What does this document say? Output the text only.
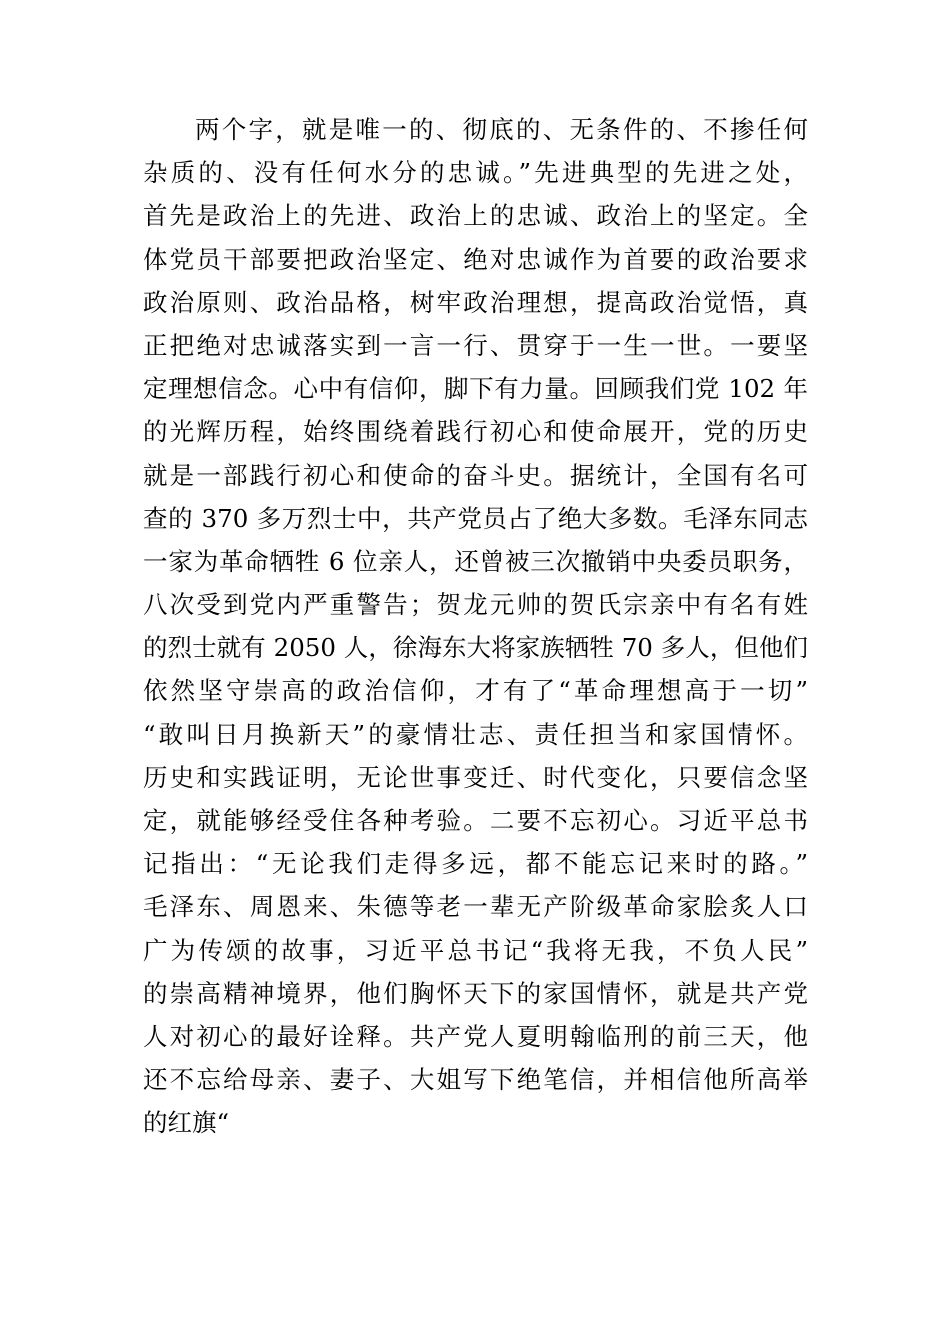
两个字，就是唯一的、彻底的、无条件的、不掺任何
杂质的、没有任何水分的忠诚。”先进典型的先进之处，
首先是政治上的先进、政治上的忠诚、政治上的坚定。全
体党员干部要把政治坚定、绝对忠诚作为首要的政治要求
政治原则、政治品格，树牢政治理想，提高政治觉悟，真
正把绝对忠诚落实到一言一行、贯穿于一生一世。一要坚
定理想信念。心中有信仰，脚下有力量。回顾我们党 102 年
的光辉历程，始终围绕着践行初心和使命展开，党的历史
就是一部践行初心和使命的奋斗史。据统计，全国有名可
查的 370 多万烈士中，共产党员占了绝大多数。毛泽东同志
一家为革命牺牲 6 位亲人，还曾被三次撤销中央委员职务，
八次受到党内严重警告；贺龙元帅的贺氏宗亲中有名有姓
的烈士就有 2050 人，徐海东大将家族牺牲 70 多人，但他们
依然坚守崇高的政治信仰，才有了“革命理想高于一切”
“敢叫日月换新天”的豪情壮志、责任担当和家国情怀。
历史和实践证明，无论世事变迁、时代变化，只要信念坚
定，就能够经受住各种考验。二要不忘初心。习近平总书
记指出：“无论我们走得多远，都不能忘记来时的路。”
毛泽东、周恩来、朱德等老一辈无产阶级革命家脍炙人口
广为传颂的故事，习近平总书记“我将无我，不负人民”
的崇高精神境界，他们胸怀天下的家国情怀，就是共产党
人对初心的最好诠释。共产党人夏明翰临刑的前三天，他
还不忘给母亲、妻子、大姐写下绝笔信，并相信他所高举
的红旗“
